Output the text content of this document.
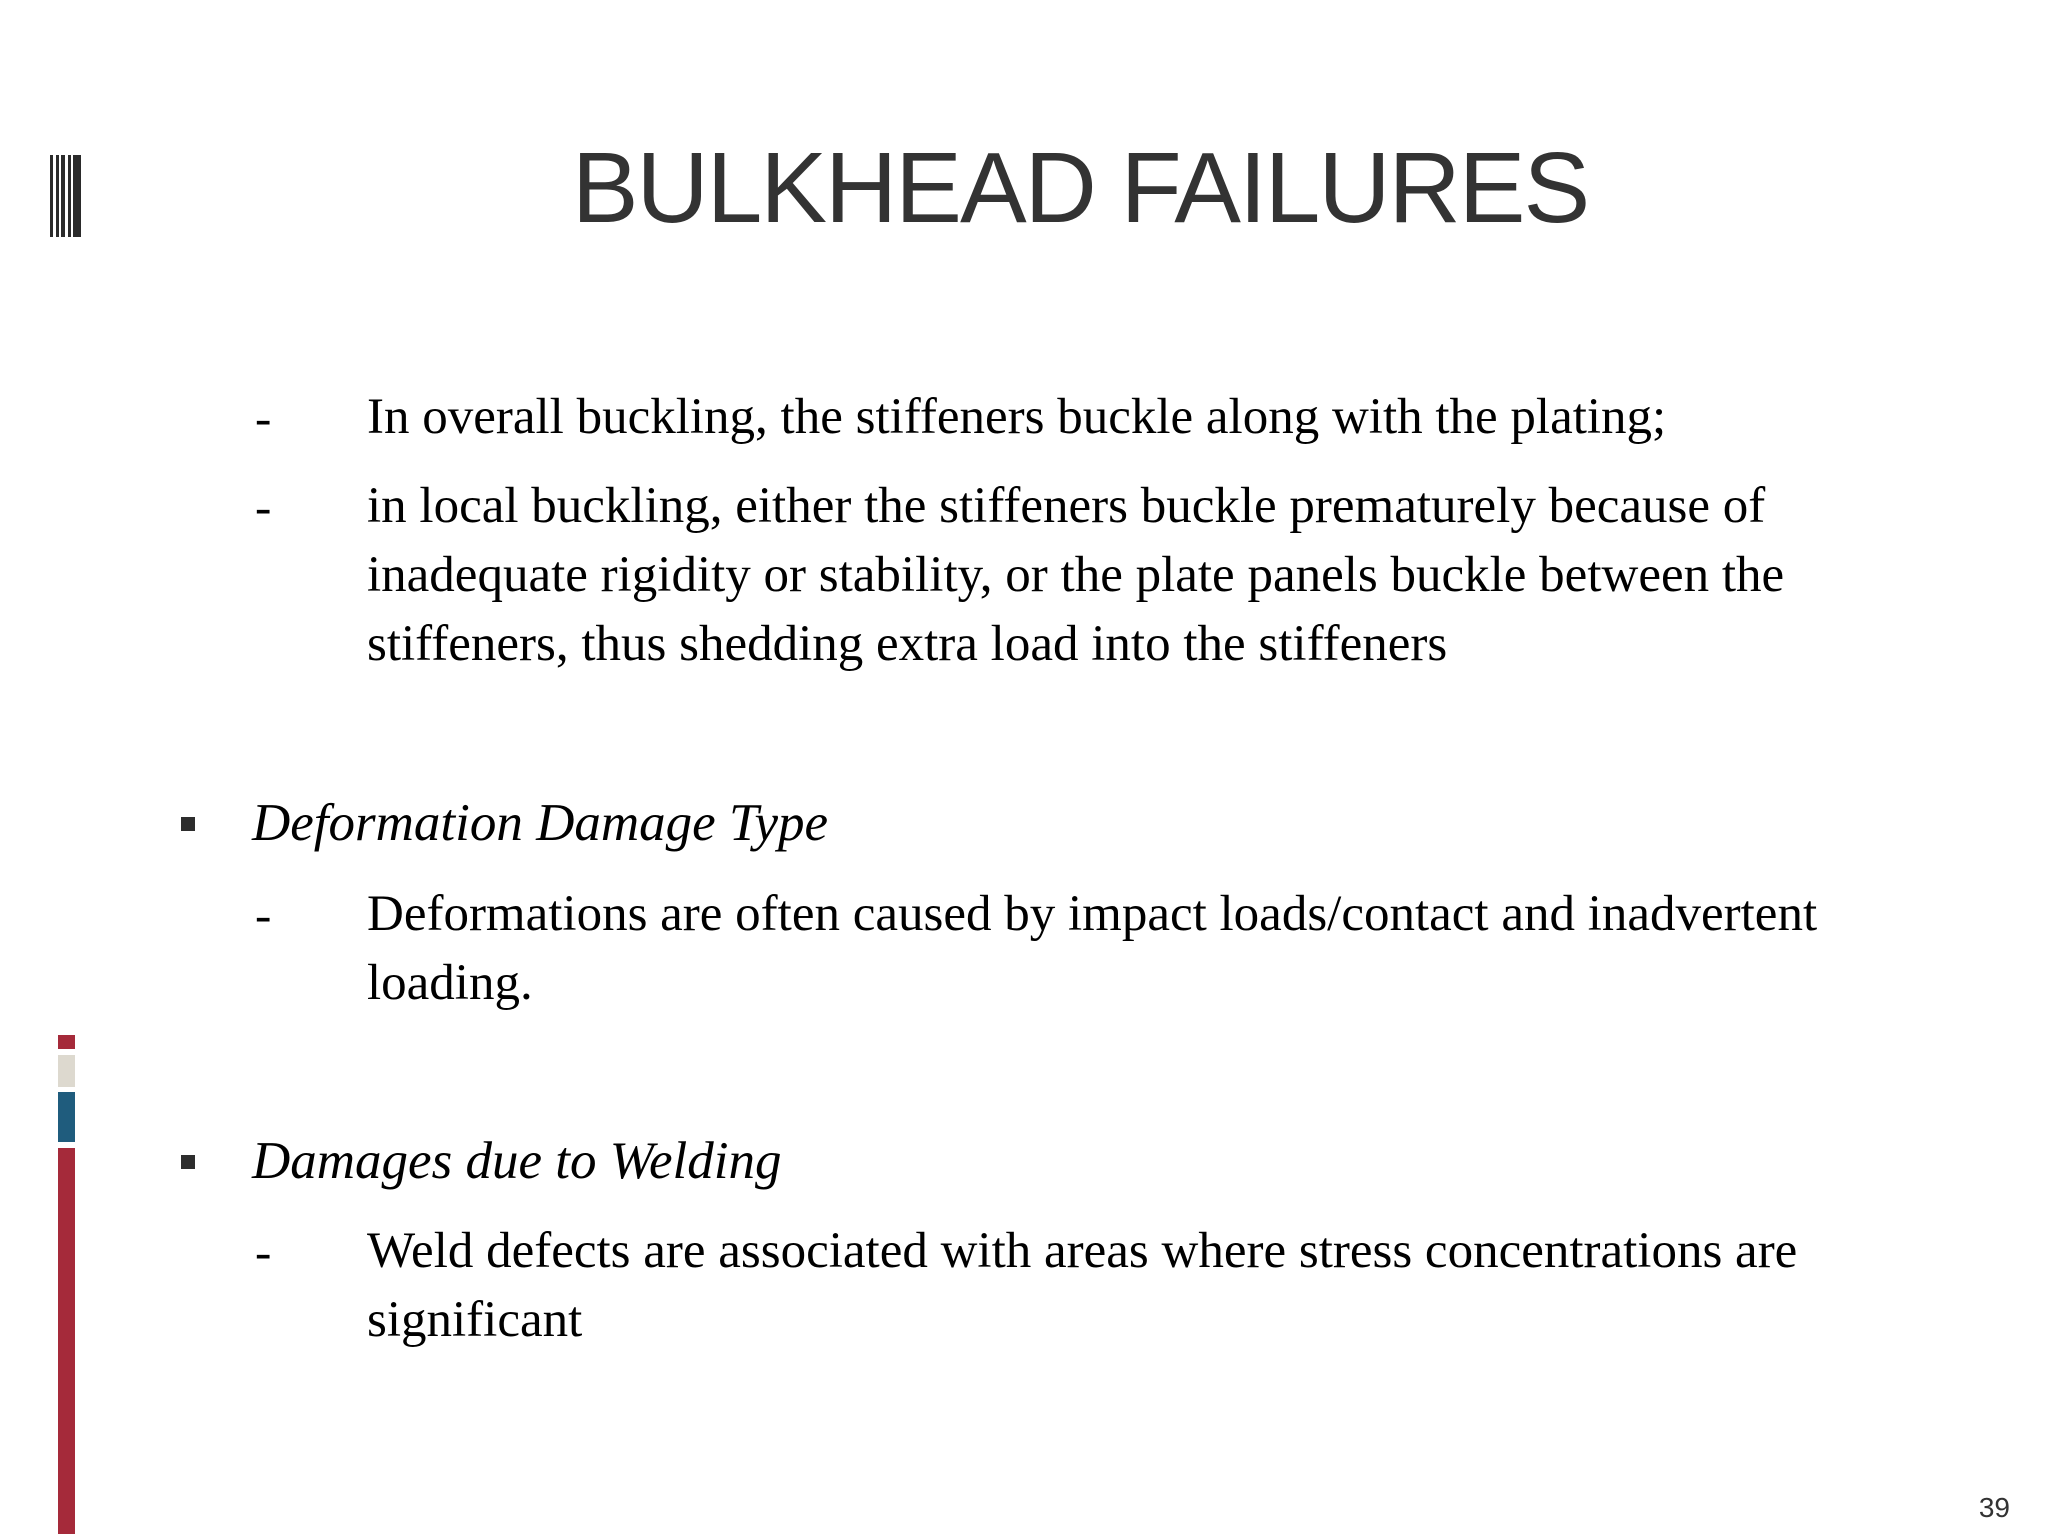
BULKHEAD FAILURES
- In overall buckling, the stiffeners buckle along with the plating;
- in local buckling, either the stiffeners buckle prematurely because of inadequate rigidity or stability, or the plate panels buckle between the stiffeners, thus shedding extra load into the stiffeners
Deformation Damage Type
- Deformations are often caused by impact loads/contact and inadvertent loading.
Damages due to Welding
- Weld defects are associated with areas where stress concentrations are significant
39
